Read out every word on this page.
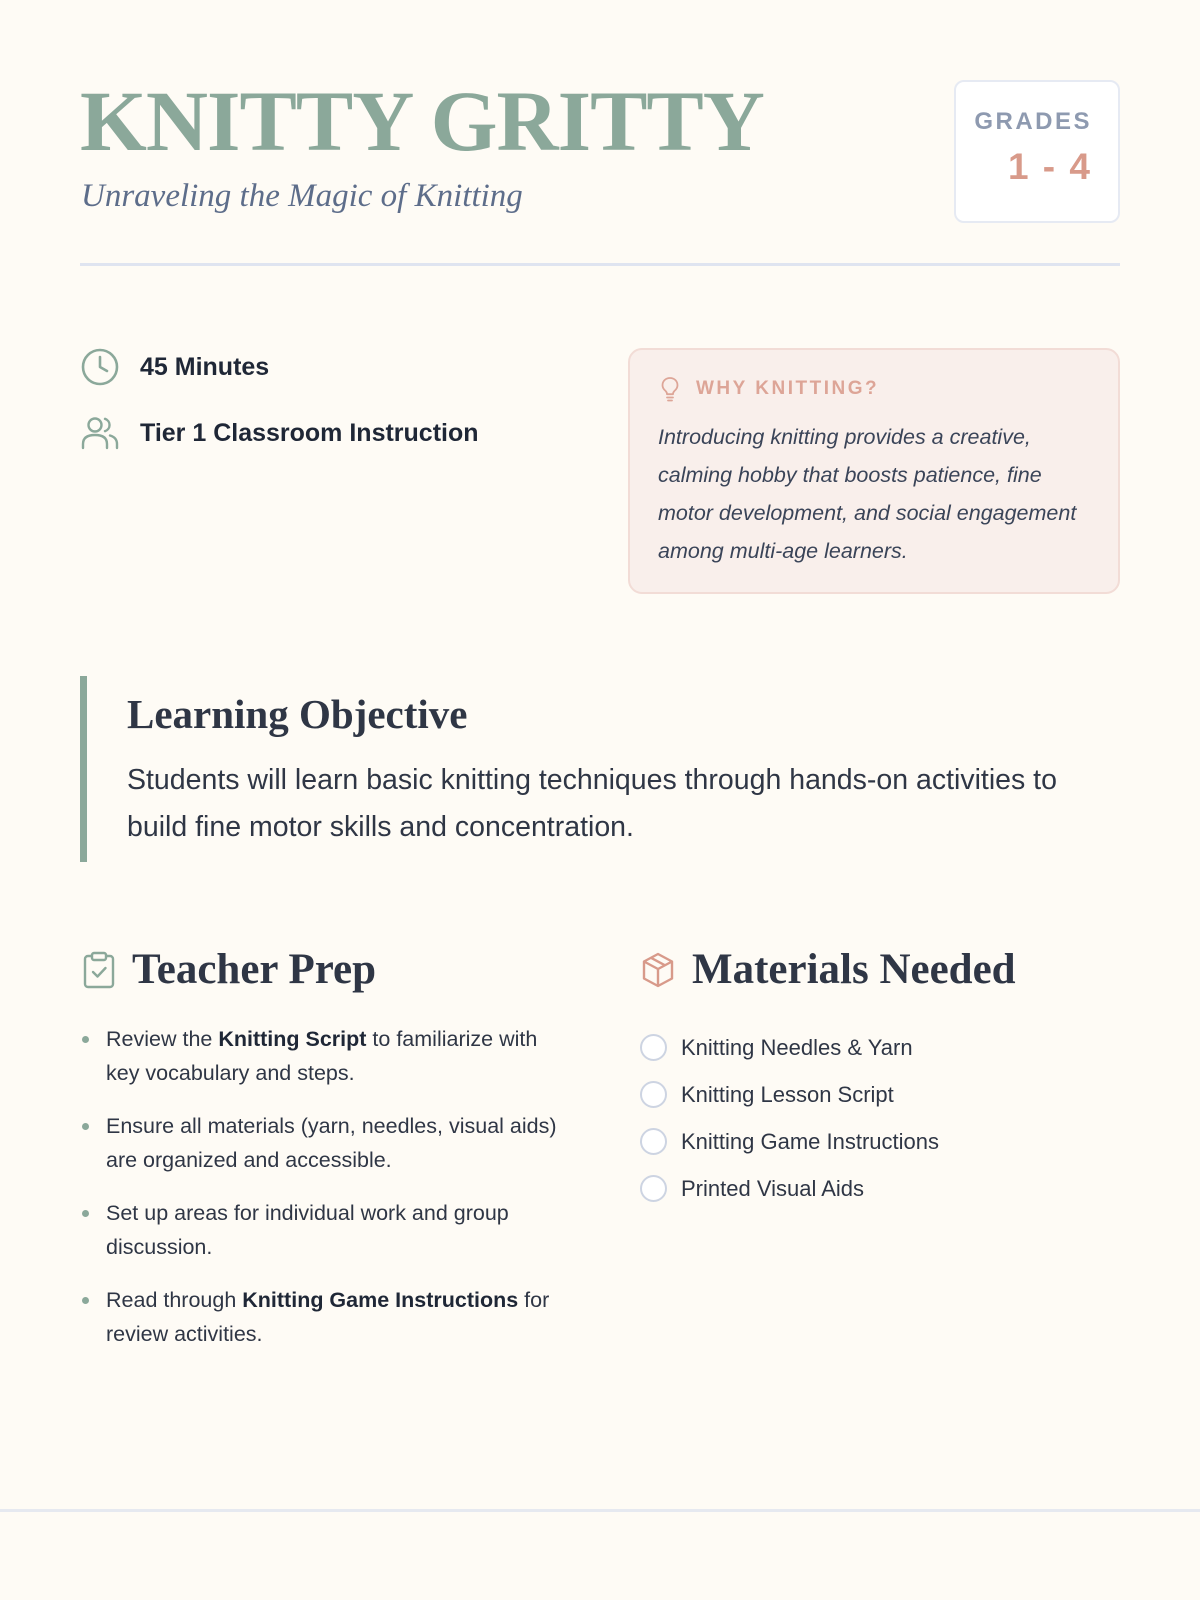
KNITTY GRITTY
Unraveling the Magic of Knitting
GRADES
1 - 4
45 Minutes
Tier 1 Classroom Instruction
WHY KNITTING?

Introducing knitting provides a creative, calming hobby that boosts patience, fine motor development, and social engagement among multi-age learners.

Learning Objective

Students will learn basic knitting techniques through hands-on activities to build fine motor skills and concentration.

Teacher Prep
Review the Knitting Script to familiarize with key vocabulary and steps.
Ensure all materials (yarn, needles, visual aids) are organized and accessible.
Set up areas for individual work and group discussion.
Read through Knitting Game Instructions for review activities.
Materials Needed
Knitting Needles & Yarn
Knitting Lesson Script
Knitting Game Instructions
Printed Visual Aids
